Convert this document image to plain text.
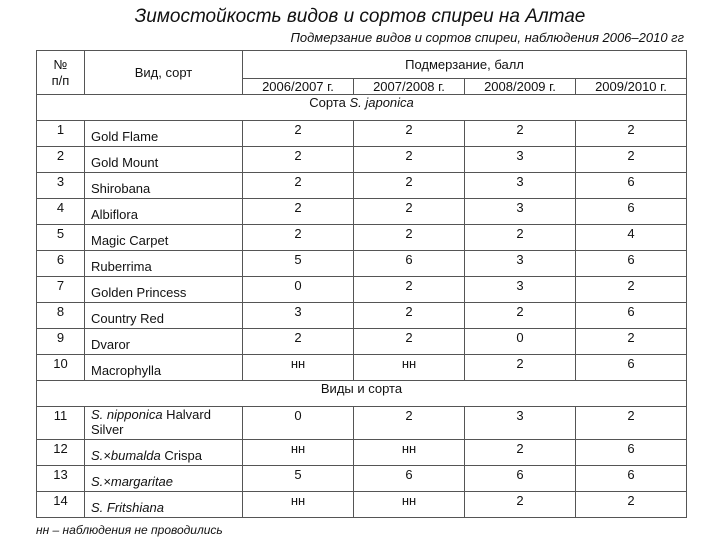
Зимостойкость видов и сортов спиреи на Алтае
Подмерзание видов и сортов спиреи, наблюдения 2006–2010 гг
№
п/п	Вид, сорт	Подмерзание, балл			
		2006/2007 г.	2007/2008 г.	2008/2009 г.	2009/2010 г.
Сорта S. japonica					
1	Gold Flame	2	2	2	2
2	Gold Mount	2	2	3	2
3	Shirobana	2	2	3	6
4	Albiflora	2	2	3	6
5	Magic Carpet	2	2	2	4
6	Ruberrima	5	6	3	6
7	Golden Princess	0	2	3	2
8	Country Red	3	2	2	6
9	Dvaror	2	2	0	2
10	Macrophylla	нн	нн	2	6
Виды и сорта					
11	S. nipponica Halvard Silver	0	2	3	2
12	S.×bumalda Crispa	нн	нн	2	6
13	S.×margaritae	5	6	6	6
14	S. Fritshiana	нн	нн	2	2
нн – наблюдения не проводились
